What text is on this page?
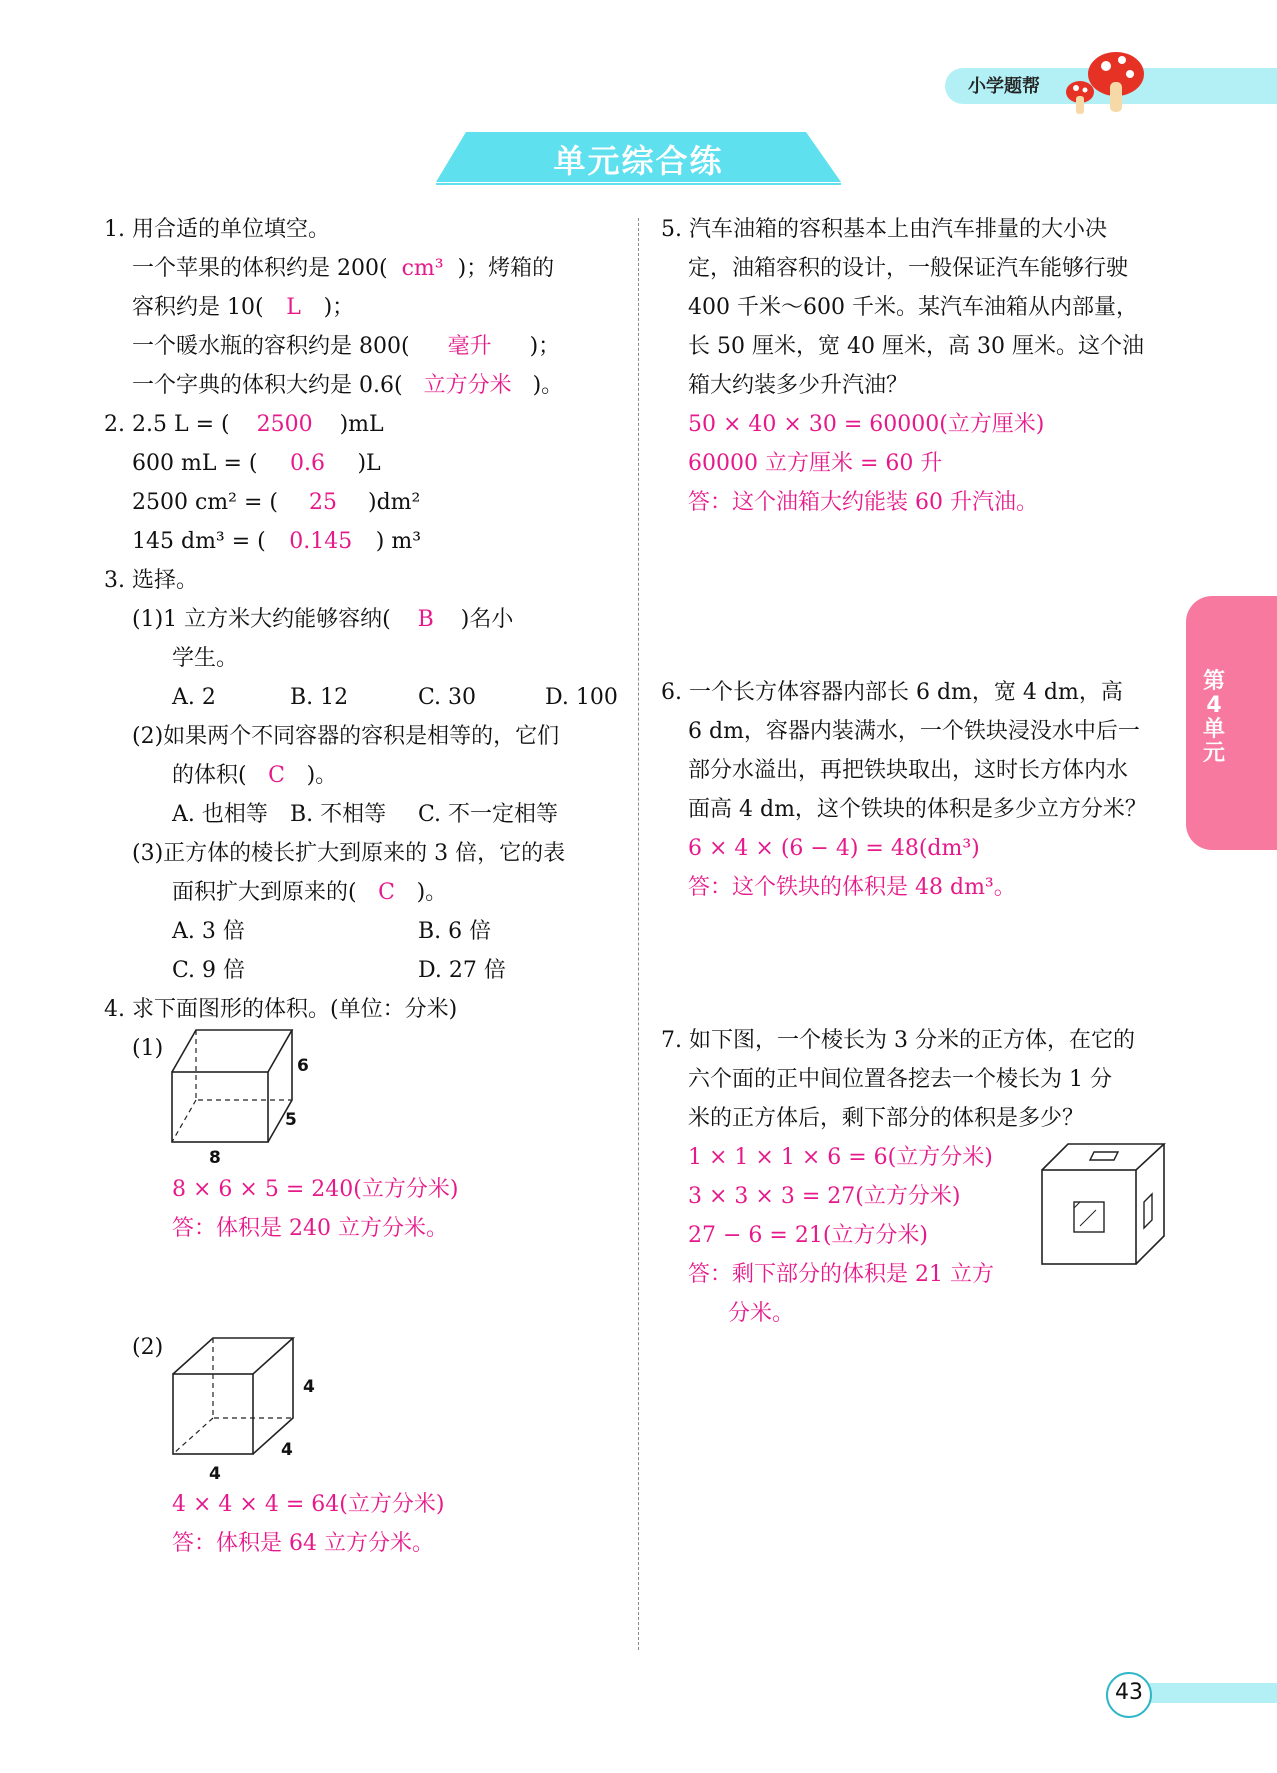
小学题帮
单元综合练
第
4
单
元
43
1. 用合适的单位填空。
一个苹果的体积约是 200( cm³ )；烤箱的
容积约是 10( L )；
一个暖水瓶的容积约是 800( 毫升 )；
一个字典的体积大约是 0.6( 立方分米 )。
2. 2.5 L = ( 2500 )mL
600 mL = ( 0.6 )L
2500 cm² = ( 25 )dm²
145 dm³ = ( 0.145 ) m³
3. 选择。
(1)1 立方米大约能够容纳( B )名小
学生。
A. 2	B. 12	C. 30	D. 100
(2)如果两个不同容器的容积是相等的，它们
的体积( C )。
A. 也相等 B. 不相等 C. 不一定相等
(3)正方体的棱长扩大到原来的 3 倍，它的表
面积扩大到原来的( C )。
A. 3 倍	B. 6 倍
C. 9 倍	D. 27 倍
4. 求下面图形的体积。(单位：分米)
(1)
6
5
8
8 × 6 × 5 = 240(立方分米)
答：体积是 240 立方分米。
(2)
4
4
4
4 × 4 × 4 = 64(立方分米)
答：体积是 64 立方分米。
5. 汽车油箱的容积基本上由汽车排量的大小决
定，油箱容积的设计，一般保证汽车能够行驶
400 千米～600 千米。某汽车油箱从内部量，
长 50 厘米，宽 40 厘米，高 30 厘米。这个油
箱大约装多少升汽油？
50 × 40 × 30 = 60000(立方厘米)
60000 立方厘米 = 60 升
答：这个油箱大约能装 60 升汽油。
6. 一个长方体容器内部长 6 dm，宽 4 dm，高
6 dm，容器内装满水，一个铁块浸没水中后一
部分水溢出，再把铁块取出，这时长方体内水
面高 4 dm，这个铁块的体积是多少立方分米？
6 × 4 × (6 − 4) = 48(dm³)
答：这个铁块的体积是 48 dm³。
7. 如下图，一个棱长为 3 分米的正方体，在它的
六个面的正中间位置各挖去一个棱长为 1 分
米的正方体后，剩下部分的体积是多少？
1 × 1 × 1 × 6 = 6(立方分米)
3 × 3 × 3 = 27(立方分米)
27 − 6 = 21(立方分米)
答：剩下部分的体积是 21 立方
分米。
